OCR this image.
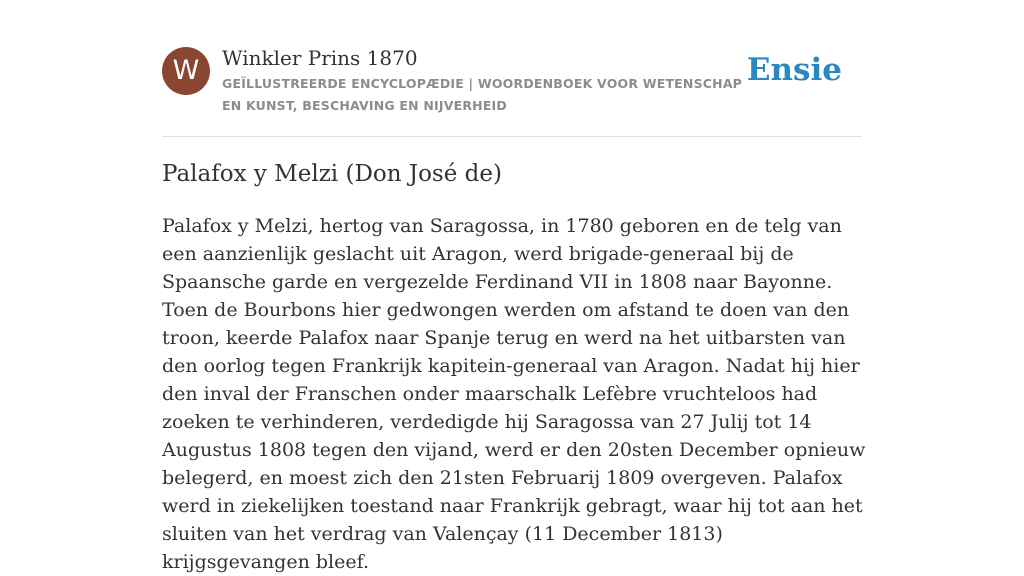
W	Winkler Prins 1870
GEÏLLUSTREERDE ENCYCLOPÆDIE | WOORDENBOEK VOOR WETENSCHAP EN KUNST, BESCHAVING EN NIJVERHEID
Ensie
Palafox y Melzi (Don José de)

Palafox y Melzi, hertog van Saragossa, in 1780 geboren en de telg van een aanzienlijk geslacht uit Aragon, werd brigade-generaal bij de Spaansche garde en vergezelde Ferdinand VII in 1808 naar Bayonne. Toen de Bourbons hier gedwongen werden om afstand te doen van den troon, keerde Palafox naar Spanje terug en werd na het uitbarsten van den oorlog tegen Frankrijk kapitein-generaal van Aragon. Nadat hij hier den inval der Franschen onder maarschalk Lefèbre vruchteloos had zoeken te verhinderen, verdedigde hij Saragossa van 27 Julij tot 14 Augustus 1808 tegen den vijand, werd er den 20sten December opnieuw belegerd, en moest zich den 21sten Februarij 1809 overgeven. Palafox werd in ziekelijken toestand naar Frankrijk gebragt, waar hij tot aan het sluiten van het verdrag van Valençay (11 December 1813) krijgsgevangen bleef.
